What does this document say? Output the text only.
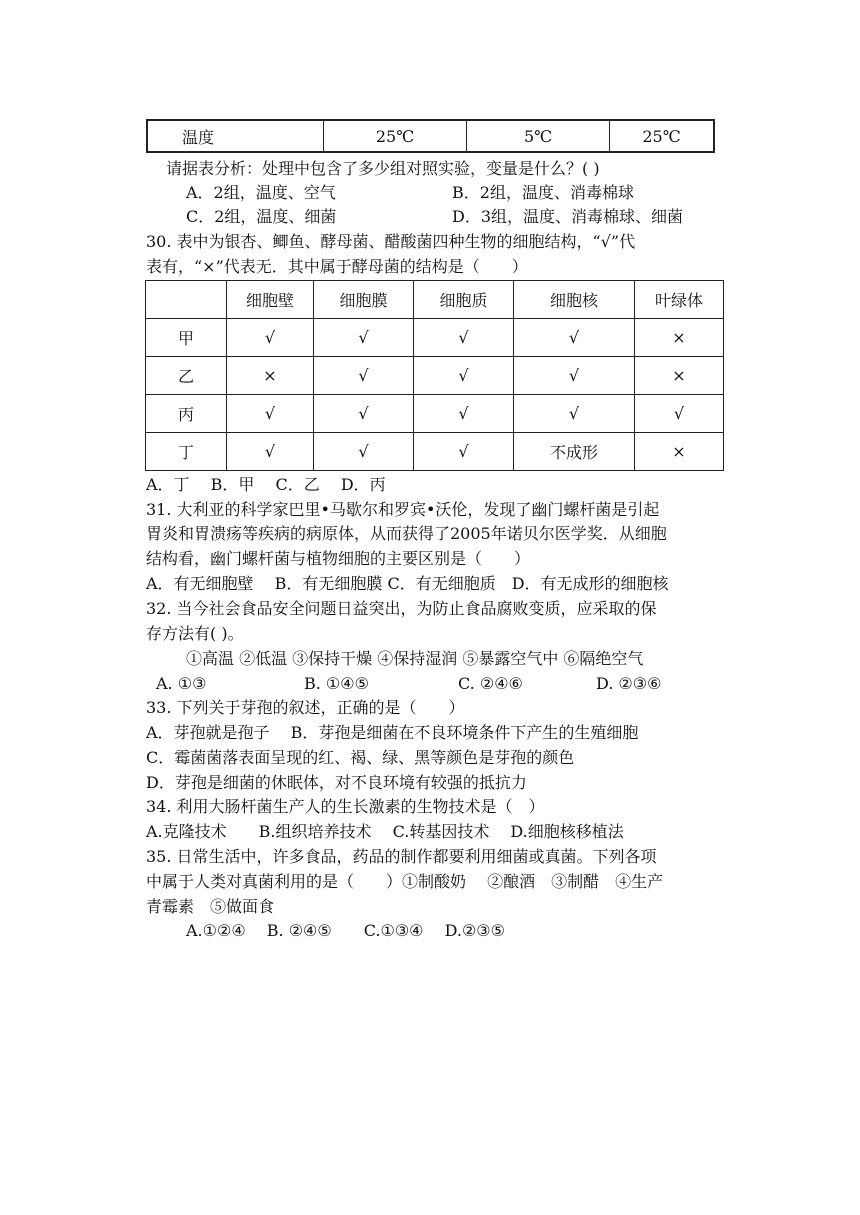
温度	25℃	5℃	25℃
请据表分析：处理中包含了多少组对照实验，变量是什么？( )
A．2组，温度、空气	B．2组，温度、消毒棉球
C．2组，温度、细菌	D．3组，温度、消毒棉球、细菌
30. 表中为银杏、鲫鱼、酵母菌、醋酸菌四种生物的细胞结构，“√”代
表有，“×”代表无．其中属于酵母菌的结构是（　　）
	细胞壁	细胞膜	细胞质	细胞核	叶绿体
甲	√	√	√	√	×
乙	×	√	√	√	×
丙	√	√	√	√	√
丁	√	√	√	不成形	×
A．丁　 B．甲　 C．乙　 D．丙
31. 大利亚的科学家巴里•马歇尔和罗宾•沃伦，发现了幽门螺杆菌是引起
胃炎和胃溃疡等疾病的病原体，从而获得了2005年诺贝尔医学奖．从细胞
结构看，幽门螺杆菌与植物细胞的主要区别是（　　）
A．有无细胞壁　 B．有无细胞膜 C．有无细胞质　D．有无成形的细胞核
32. 当今社会食品安全问题日益突出，为防止食品腐败变质，应采取的保
存方法有( )。
①高温 ②低温 ③保持干燥 ④保持湿润 ⑤暴露空气中 ⑥隔绝空气
A. ①③	B. ①④⑤	C. ②④⑥	D. ②③⑥
33. 下列关于芽孢的叙述，正确的是（　　）
A．芽孢就是孢子　 B．芽孢是细菌在不良环境条件下产生的生殖细胞
C．霉菌菌落表面呈现的红、褐、绿、黑等颜色是芽孢的颜色
D．芽孢是细菌的休眠体，对不良环境有较强的抵抗力
34. 利用大肠杆菌生产人的生长激素的生物技术是（　）
A.克隆技术　　B.组织培养技术　 C.转基因技术　 D.细胞核移植法
35. 日常生活中，许多食品，药品的制作都要利用细菌或真菌。下列各项
中属于人类对真菌利用的是（　　）①制酸奶　 ②酿酒　③制醋　④生产
青霉素　⑤做面食
A.①②④　 B. ②④⑤　　C.①③④　 D.②③⑤
